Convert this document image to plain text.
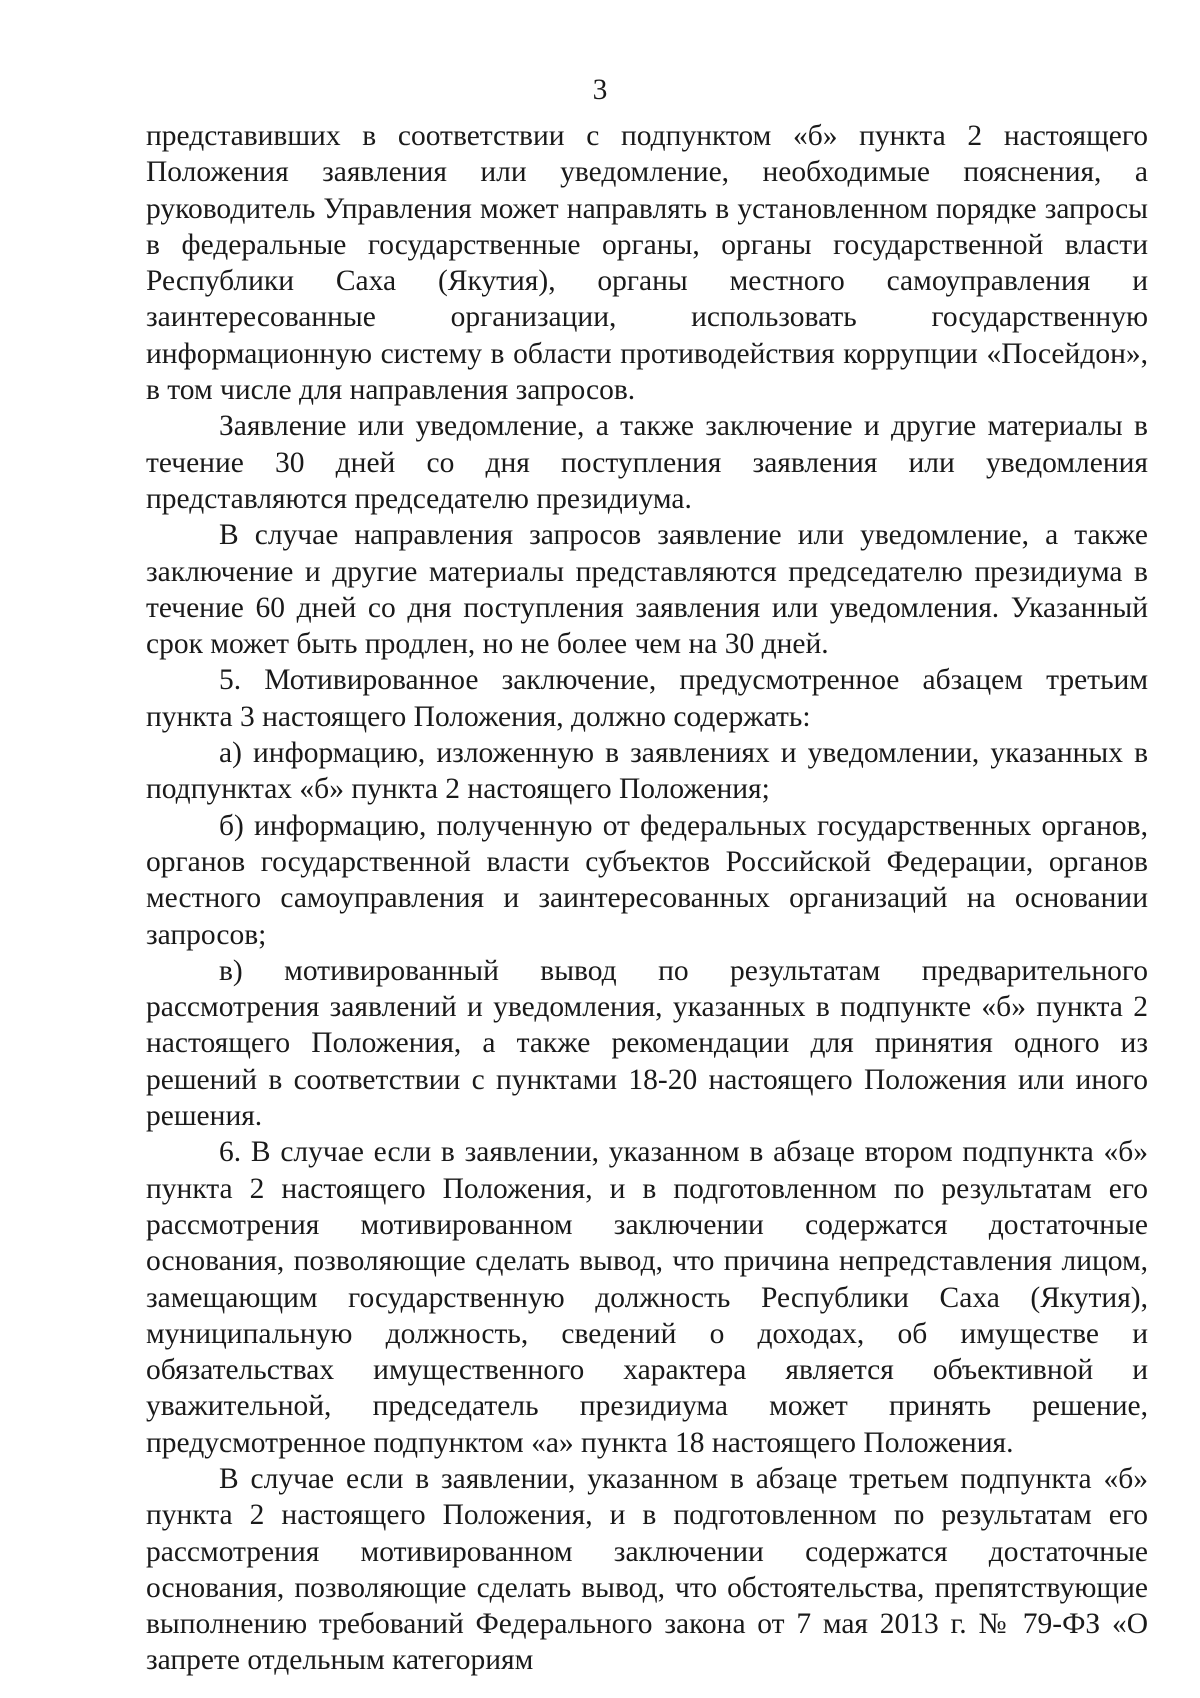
3

представивших в соответствии с подпунктом «б» пункта 2 настоящего Положения заявления или уведомление, необходимые пояснения, а руководитель Управления может направлять в установленном порядке запросы в федеральные государственные органы, органы государственной власти Республики Саха (Якутия), органы местного самоуправления и заинтересованные организации, использовать государственную информационную систему в области противодействия коррупции «Посейдон», в том числе для направления запросов.

Заявление или уведомление, а также заключение и другие материалы в течение 30 дней со дня поступления заявления или уведомления представляются председателю президиума.

В случае направления запросов заявление или уведомление, а также заключение и другие материалы представляются председателю президиума в течение 60 дней со дня поступления заявления или уведомления. Указанный срок может быть продлен, но не более чем на 30 дней.

5. Мотивированное заключение, предусмотренное абзацем третьим пункта 3 настоящего Положения, должно содержать:

а) информацию, изложенную в заявлениях и уведомлении, указанных в подпунктах «б» пункта 2 настоящего Положения;

б) информацию, полученную от федеральных государственных органов, органов государственной власти субъектов Российской Федерации, органов местного самоуправления и заинтересованных организаций на основании запросов;

в) мотивированный вывод по результатам предварительного рассмотрения заявлений и уведомления, указанных в подпункте «б» пункта 2 настоящего Положения, а также рекомендации для принятия одного из решений в соответствии с пунктами 18-20 настоящего Положения или иного решения.

6. В случае если в заявлении, указанном в абзаце втором подпункта «б» пункта 2 настоящего Положения, и в подготовленном по результатам его рассмотрения мотивированном заключении содержатся достаточные основания, позволяющие сделать вывод, что причина непредставления лицом, замещающим государственную должность Республики Саха (Якутия), муниципальную должность, сведений о доходах, об имуществе и обязательствах имущественного характера является объективной и уважительной, председатель президиума может принять решение, предусмотренное подпунктом «а» пункта 18 настоящего Положения.

В случае если в заявлении, указанном в абзаце третьем подпункта «б» пункта 2 настоящего Положения, и в подготовленном по результатам его рассмотрения мотивированном заключении содержатся достаточные основания, позволяющие сделать вывод, что обстоятельства, препятствующие выполнению требований Федерального закона от 7 мая 2013 г. № 79-ФЗ «О запрете отдельным категориям
